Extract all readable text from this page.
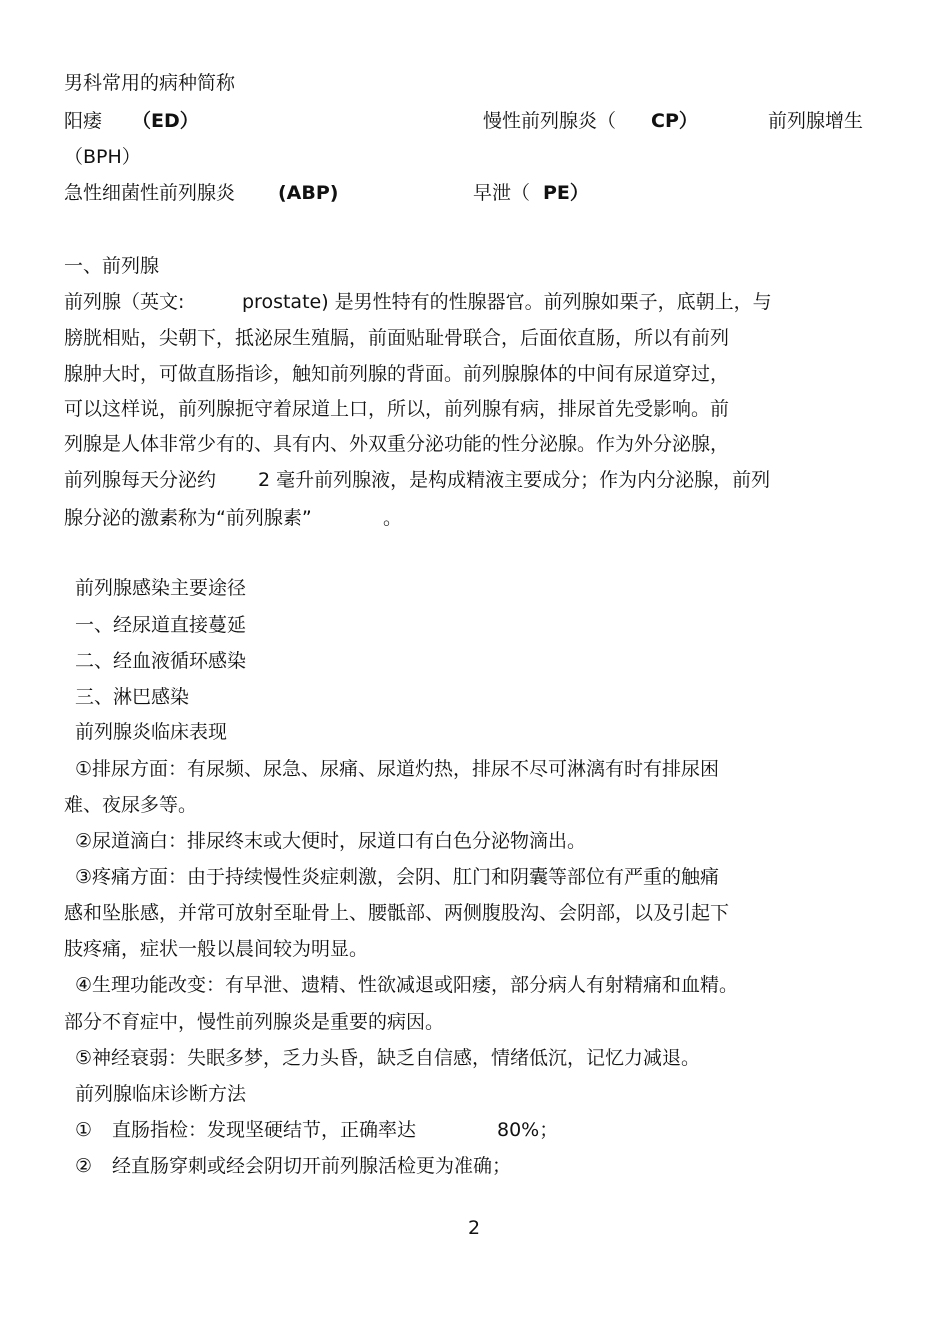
男科常用的病种简称
阳痿 （ED）	慢性前列腺炎（ CP）	前列腺增生
（BPH）
急性细菌性前列腺炎 (ABP)	早泄（ PE）
一、前列腺
前列腺（英文:	prostate) 是男性特有的性腺器官。前列腺如栗子，底朝上，与
膀胱相贴，尖朝下，抵泌尿生殖膈，前面贴耻骨联合，后面依直肠，所以有前列
腺肿大时，可做直肠指诊，触知前列腺的背面。前列腺腺体的中间有尿道穿过，
可以这样说，前列腺扼守着尿道上口，所以，前列腺有病，排尿首先受影响。前
列腺是人体非常少有的、具有内、外双重分泌功能的性分泌腺。作为外分泌腺，
前列腺每天分泌约 2 毫升前列腺液，是构成精液主要成分；作为内分泌腺，前列
腺分泌的激素称为“前列腺素”	。
前列腺感染主要途径
一、经尿道直接蔓延
二、经血液循环感染
三、淋巴感染
前列腺炎临床表现
①排尿方面：有尿频、尿急、尿痛、尿道灼热，排尿不尽可淋漓有时有排尿困
难、夜尿多等。
②尿道滴白：排尿终末或大便时，尿道口有白色分泌物滴出。
③疼痛方面：由于持续慢性炎症刺激，会阴、肛门和阴囊等部位有严重的触痛
感和坠胀感，并常可放射至耻骨上、腰骶部、两侧腹股沟、会阴部，以及引起下
肢疼痛，症状一般以晨间较为明显。
④生理功能改变：有早泄、遗精、性欲减退或阳痿，部分病人有射精痛和血精。
部分不育症中，慢性前列腺炎是重要的病因。
⑤神经衰弱：失眠多梦，乏力头昏，缺乏自信感，情绪低沉，记忆力减退。
前列腺临床诊断方法
① 直肠指检：发现坚硬结节，正确率达	80%；
② 经直肠穿刺或经会阴切开前列腺活检更为准确；
2
